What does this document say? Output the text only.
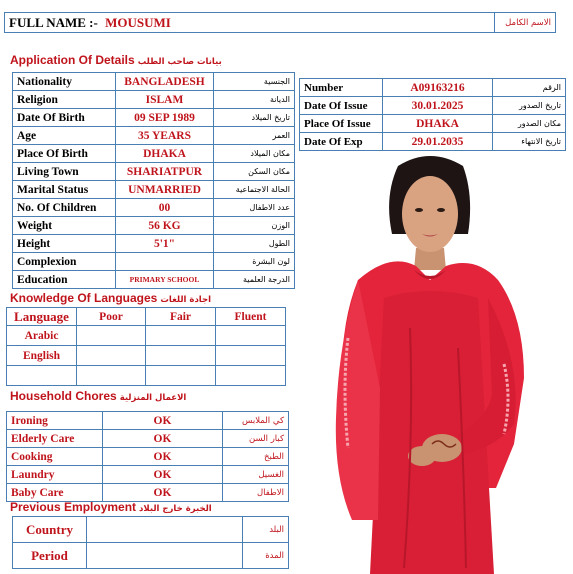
FULL NAME :- MOUSUMI	الاسم الكامل
Application Of Details بيانات صاحب الطلب
Nationality	BANGLADESH	الجنسية
Religion	ISLAM	الديانة
Date Of Birth	09 SEP 1989	تاريخ الميلاد
Age	35 YEARS	العمر
Place Of Birth	DHAKA	مكان الميلاد
Living Town	SHARIATPUR	مكان السكن
Marital Status	UNMARRIED	الحالة الاجتماعية
No. Of Children	00	عدد الاطفال
Weight	56 KG	الوزن
Height	5'1"	الطول
Complexion		لون البشرة
Education	PRIMARY SCHOOL	الدرجة العلمية
Number	A09163216	الرقم
Date Of Issue	30.01.2025	تاريخ الصدور
Place Of Issue	DHAKA	مكان الصدور
Date Of Exp	29.01.2035	تاريخ الانتهاء
Knowledge Of Languages اجادة اللغات
Language	Poor	Fair	Fluent
Arabic			
English			

Household Chores الاعمال المنزلية
Ironing	OK	كي الملابس
Elderly Care	OK	كبار السن
Cooking	OK	الطبخ
Laundry	OK	الغسيل
Baby Care	OK	الاطفال
Previous Employment الخبرة خارج البلاد
Country		البلد
Period		المدة
